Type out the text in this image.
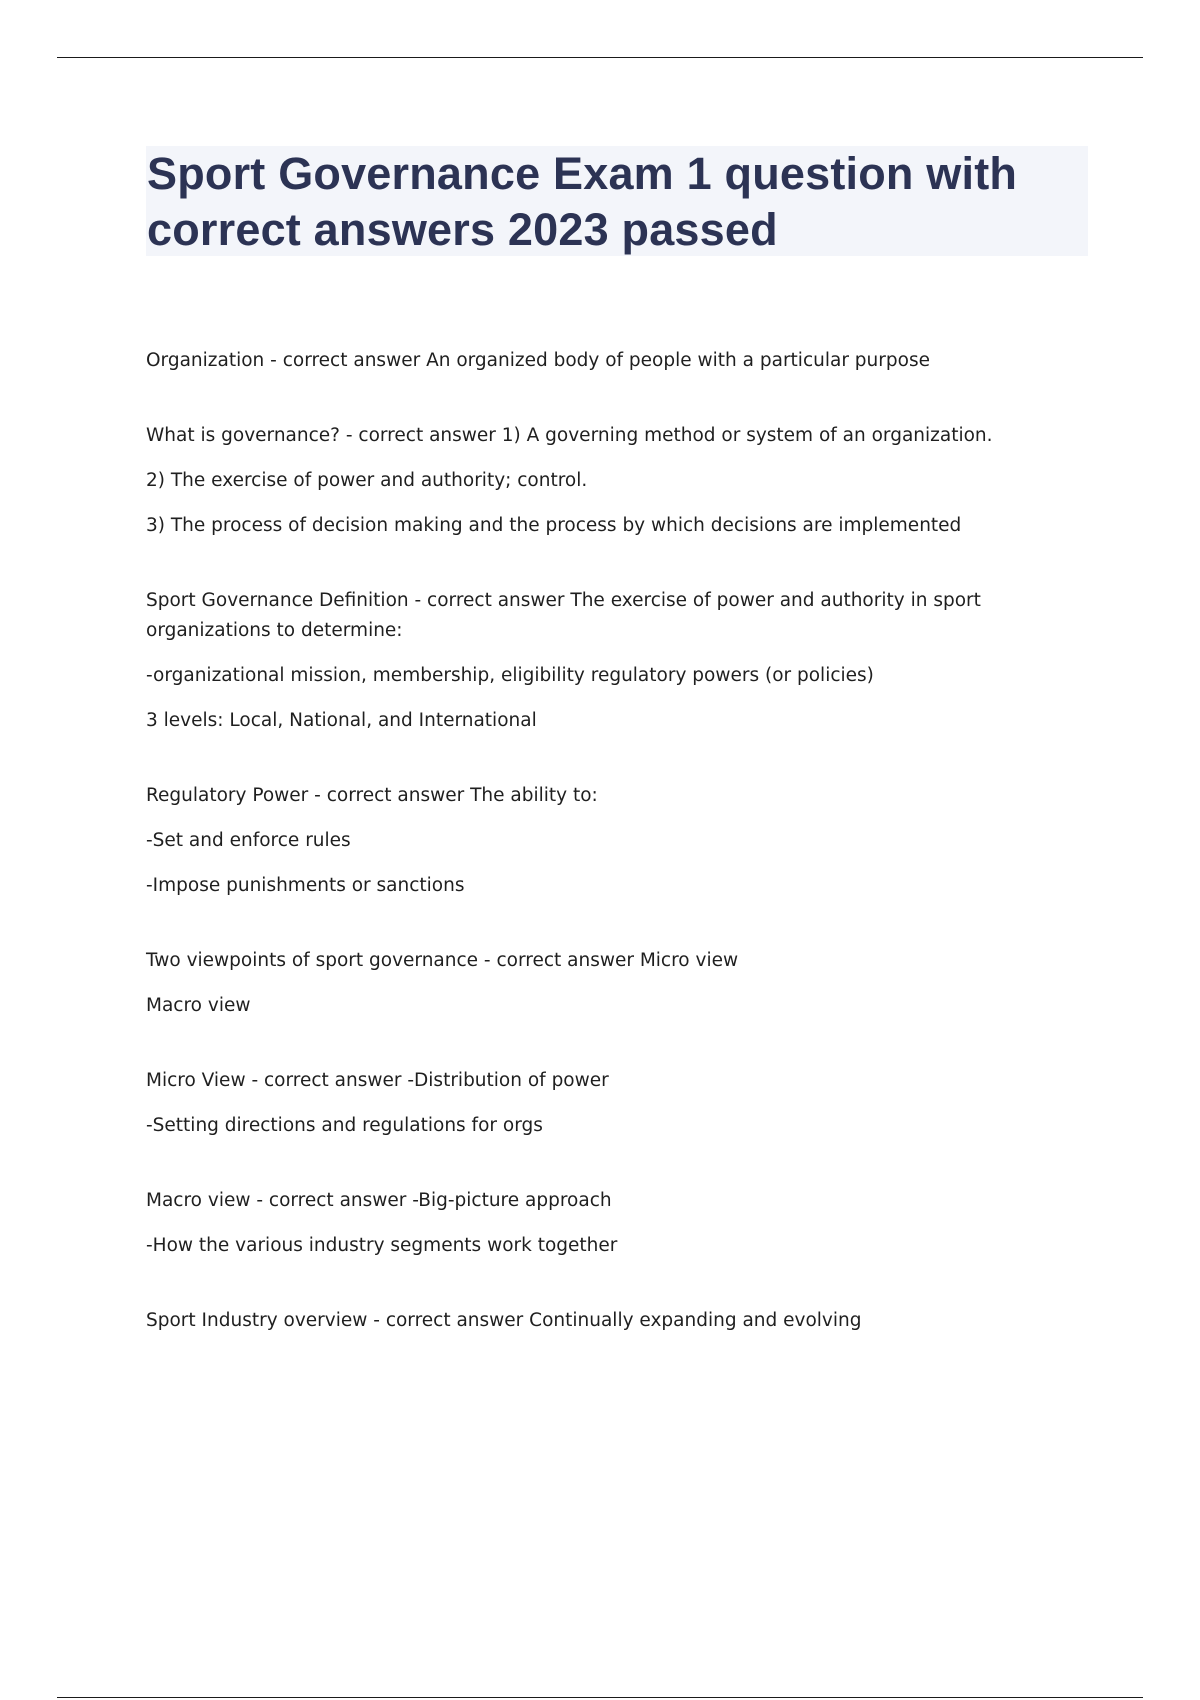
Sport Governance Exam 1 question with correct answers 2023 passed

Organization - correct answer An organized body of people with a particular purpose

What is governance? - correct answer 1) A governing method or system of an organization.

2) The exercise of power and authority; control.

3) The process of decision making and the process by which decisions are implemented

Sport Governance Definition - correct answer The exercise of power and authority in sport organizations to determine:

-organizational mission, membership, eligibility regulatory powers (or policies)

3 levels: Local, National, and International

Regulatory Power - correct answer The ability to:

-Set and enforce rules

-Impose punishments or sanctions

Two viewpoints of sport governance - correct answer Micro view

Macro view

Micro View - correct answer -Distribution of power

-Setting directions and regulations for orgs

Macro view - correct answer -Big-picture approach

-How the various industry segments work together

Sport Industry overview - correct answer Continually expanding and evolving
